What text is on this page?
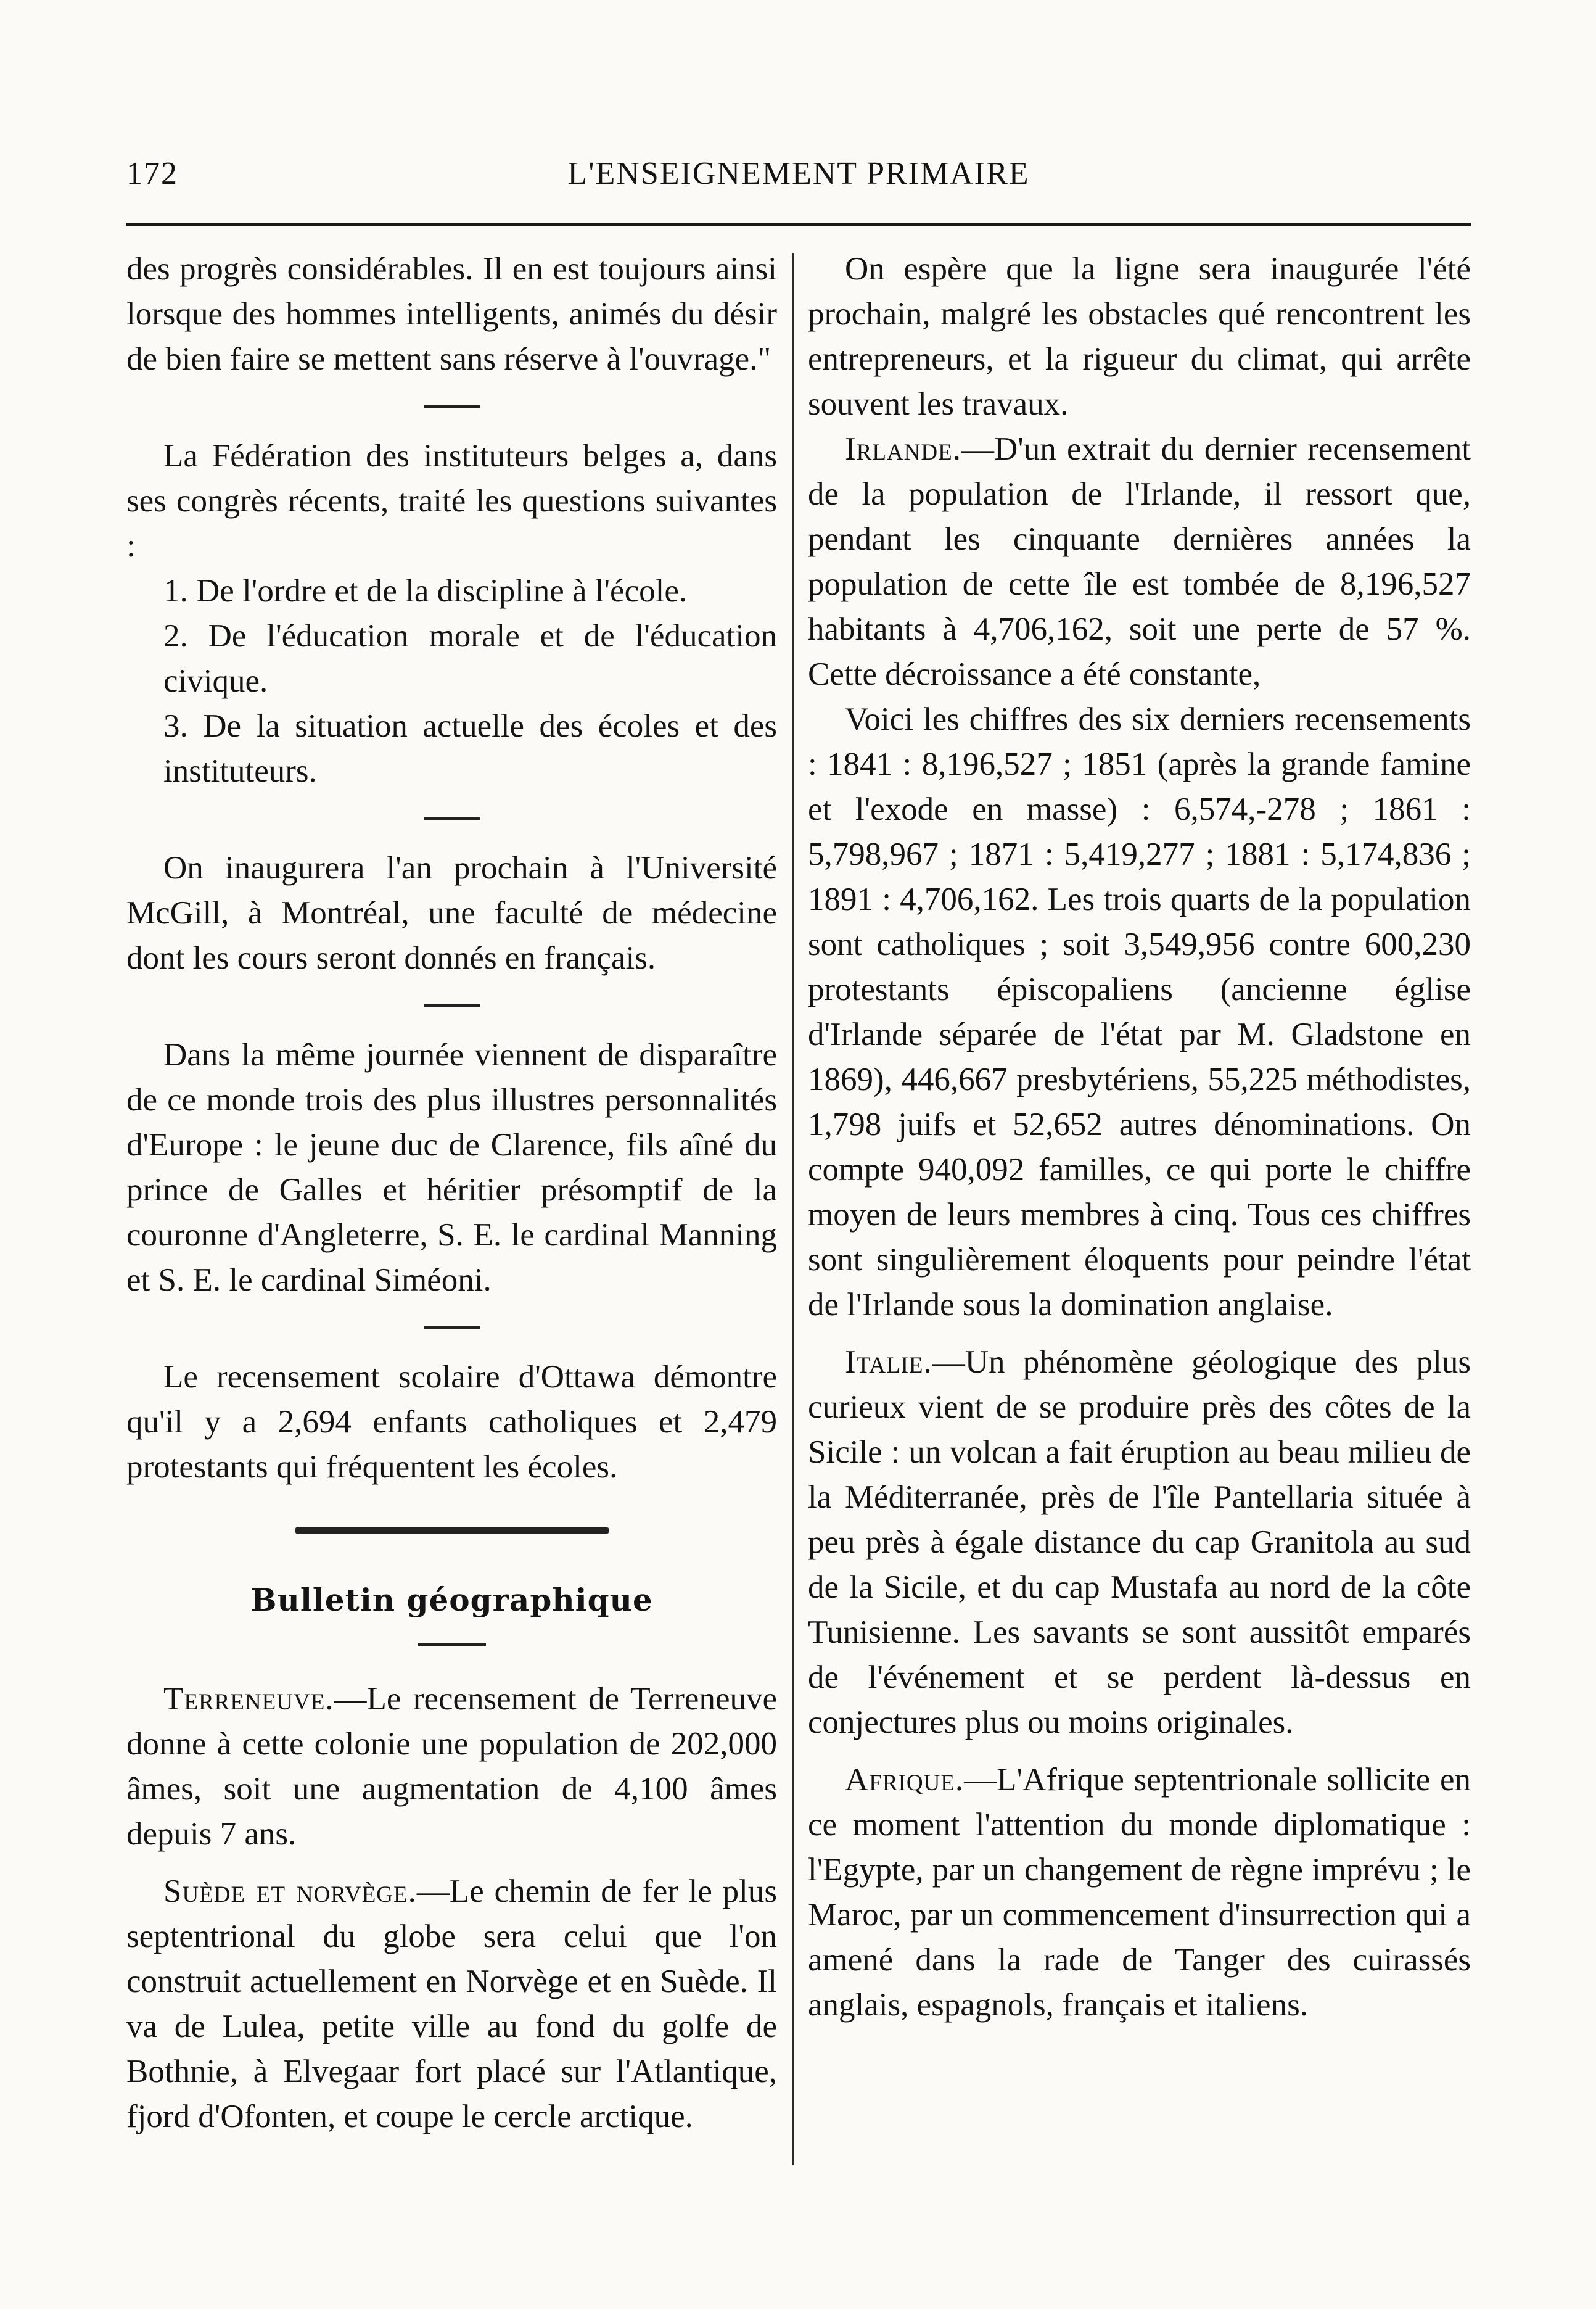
172	L'ENSEIGNEMENT PRIMAIRE

des progrès considérables. Il en est toujours ainsi lorsque des hommes intelligents, animés du désir de bien faire se mettent sans réserve à l'ouvrage."

La Fédération des instituteurs belges a, dans ses congrès récents, traité les questions suivantes :

1. De l'ordre et de la discipline à l'école.

2. De l'éducation morale et de l'éducation civique.

3. De la situation actuelle des écoles et des instituteurs.

On inaugurera l'an prochain à l'Université McGill, à Montréal, une faculté de médecine dont les cours seront donnés en français.

Dans la même journée viennent de disparaître de ce monde trois des plus illustres personnalités d'Europe : le jeune duc de Clarence, fils aîné du prince de Galles et héritier présomptif de la couronne d'Angleterre, S. E. le cardinal Manning et S. E. le cardinal Siméoni.

Le recensement scolaire d'Ottawa démontre qu'il y a 2,694 enfants catholiques et 2,479 protestants qui fréquentent les écoles.

Bulletin géographique

Terreneuve.—Le recensement de Terreneuve donne à cette colonie une population de 202,000 âmes, soit une augmentation de 4,100 âmes depuis 7 ans.

Suède et norvège.—Le chemin de fer le plus septentrional du globe sera celui que l'on construit actuellement en Norvège et en Suède. Il va de Lulea, petite ville au fond du golfe de Bothnie, à Elvegaar fort placé sur l'Atlantique, fjord d'Ofonten, et coupe le cercle arctique.

On espère que la ligne sera inaugurée l'été prochain, malgré les obstacles qué rencontrent les entrepreneurs, et la rigueur du climat, qui arrête souvent les travaux.

Irlande.—D'un extrait du dernier recensement de la population de l'Irlande, il ressort que, pendant les cinquante dernières années la population de cette île est tombée de 8,196,527 habitants à 4,706,162, soit une perte de 57 %. Cette décroissance a été constante,

Voici les chiffres des six derniers recensements : 1841 : 8,196,527 ; 1851 (après la grande famine et l'exode en masse) : 6,574,-278 ; 1861 : 5,798,967 ; 1871 : 5,419,277 ; 1881 : 5,174,836 ; 1891 : 4,706,162. Les trois quarts de la population sont catholiques ; soit 3,549,956 contre 600,230 protestants épiscopaliens (ancienne église d'Irlande séparée de l'état par M. Gladstone en 1869), 446,667 presbytériens, 55,225 méthodistes, 1,798 juifs et 52,652 autres dénominations. On compte 940,092 familles, ce qui porte le chiffre moyen de leurs membres à cinq. Tous ces chiffres sont singulièrement éloquents pour peindre l'état de l'Irlande sous la domination anglaise.

Italie.—Un phénomène géologique des plus curieux vient de se produire près des côtes de la Sicile : un volcan a fait éruption au beau milieu de la Méditerranée, près de l'île Pantellaria située à peu près à égale distance du cap Granitola au sud de la Sicile, et du cap Mustafa au nord de la côte Tunisienne. Les savants se sont aussitôt emparés de l'événement et se perdent là-dessus en conjectures plus ou moins originales.

Afrique.—L'Afrique septentrionale sollicite en ce moment l'attention du monde diplomatique : l'Egypte, par un changement de règne imprévu ; le Maroc, par un commencement d'insurrection qui a amené dans la rade de Tanger des cuirassés anglais, espagnols, français et italiens.
